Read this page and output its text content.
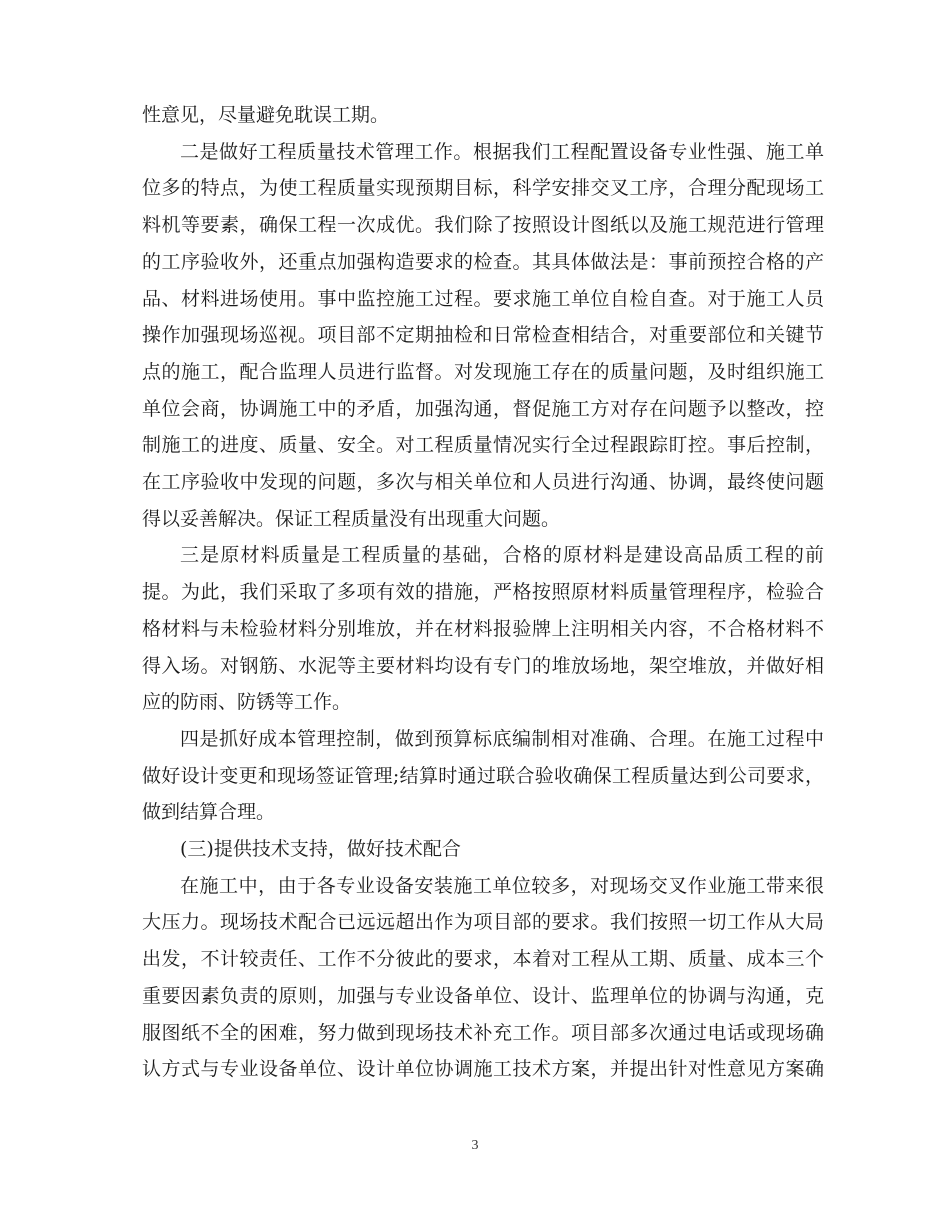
性意见，尽量避免耽误工期。
二是做好工程质量技术管理工作。根据我们工程配置设备专业性强、施工单
位多的特点，为使工程质量实现预期目标，科学安排交叉工序，合理分配现场工
料机等要素，确保工程一次成优。我们除了按照设计图纸以及施工规范进行管理
的工序验收外，还重点加强构造要求的检查。其具体做法是：事前预控合格的产
品、材料进场使用。事中监控施工过程。要求施工单位自检自查。对于施工人员
操作加强现场巡视。项目部不定期抽检和日常检查相结合，对重要部位和关键节
点的施工，配合监理人员进行监督。对发现施工存在的质量问题，及时组织施工
单位会商，协调施工中的矛盾，加强沟通，督促施工方对存在问题予以整改，控
制施工的进度、质量、安全。对工程质量情况实行全过程跟踪盯控。事后控制，
在工序验收中发现的问题，多次与相关单位和人员进行沟通、协调，最终使问题
得以妥善解决。保证工程质量没有出现重大问题。
三是原材料质量是工程质量的基础，合格的原材料是建设高品质工程的前
提。为此，我们采取了多项有效的措施，严格按照原材料质量管理程序，检验合
格材料与未检验材料分别堆放，并在材料报验牌上注明相关内容，不合格材料不
得入场。对钢筋、水泥等主要材料均设有专门的堆放场地，架空堆放，并做好相
应的防雨、防锈等工作。
四是抓好成本管理控制，做到预算标底编制相对准确、合理。在施工过程中
做好设计变更和现场签证管理;结算时通过联合验收确保工程质量达到公司要求，
做到结算合理。
(三)提供技术支持，做好技术配合
在施工中，由于各专业设备安装施工单位较多，对现场交叉作业施工带来很
大压力。现场技术配合已远远超出作为项目部的要求。我们按照一切工作从大局
出发，不计较责任、工作不分彼此的要求，本着对工程从工期、质量、成本三个
重要因素负责的原则，加强与专业设备单位、设计、监理单位的协调与沟通，克
服图纸不全的困难，努力做到现场技术补充工作。项目部多次通过电话或现场确
认方式与专业设备单位、设计单位协调施工技术方案，并提出针对性意见方案确
3
